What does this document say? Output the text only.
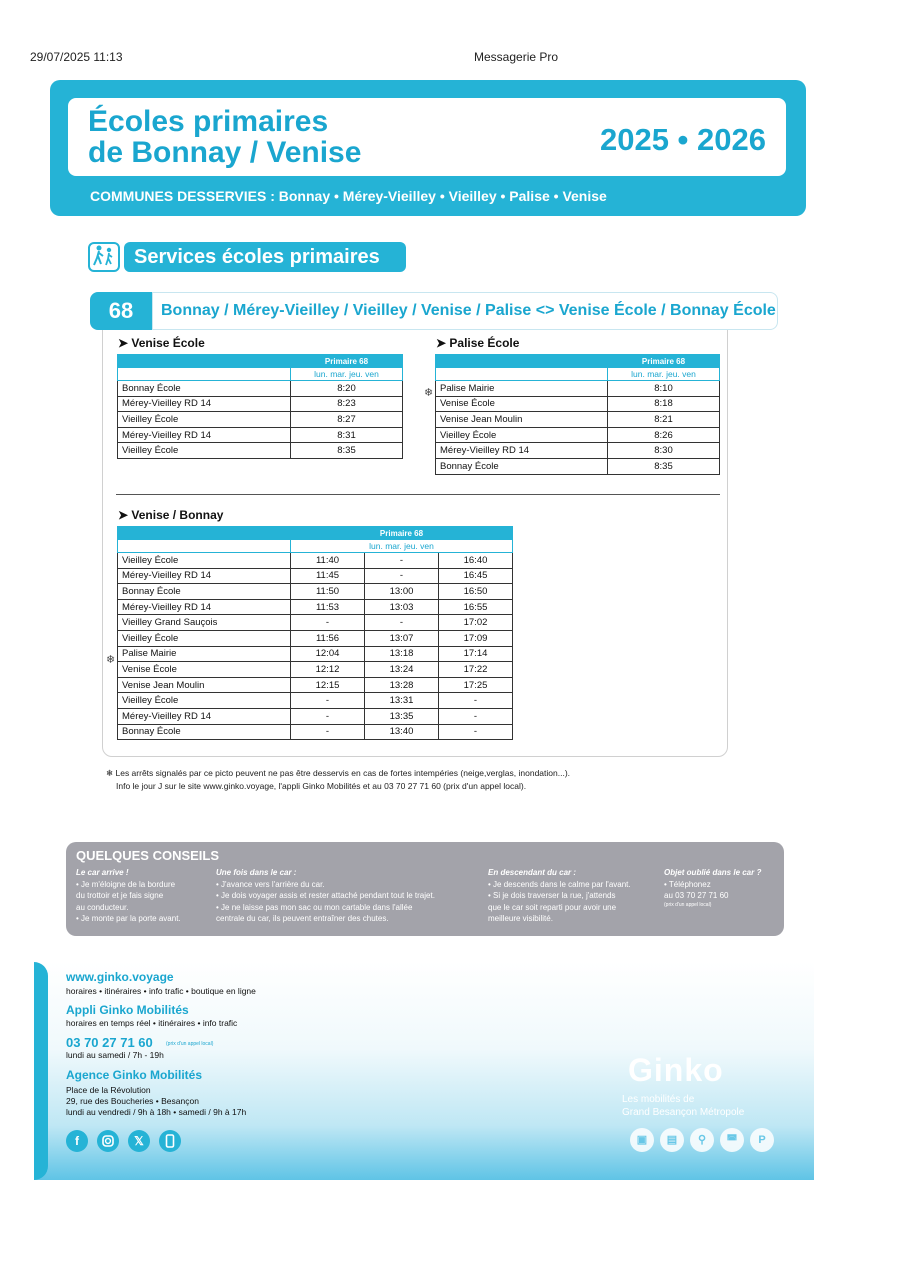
29/07/2025 11:13	Messagerie Pro
Écoles primaires
de Bonnay / Venise	2025 • 2026
COMMUNES DESSERVIES : Bonnay • Mérey-Vieilley • Vieilley • Palise • Venise
Services écoles primaires
68	Bonnay / Mérey-Vieilley / Vieilley / Venise / Palise <> Venise École / Bonnay École
➤ Venise École
	Primaire 68
	lun. mar. jeu. ven
Bonnay École	8:20
Mérey-Vieilley RD 14	8:23
Vieilley École	8:27
Mérey-Vieilley RD 14	8:31
Vieilley École	8:35
➤ Palise École
❄
	Primaire 68
	lun. mar. jeu. ven
Palise Mairie	8:10
Venise École	8:18
Venise Jean Moulin	8:21
Vieilley École	8:26
Mérey-Vieilley RD 14	8:30
Bonnay École	8:35
➤ Venise / Bonnay
❄
	Primaire 68		
	lun. mar. jeu. ven		
Vieilley École	11:40	-	16:40
Mérey-Vieilley RD 14	11:45	-	16:45
Bonnay École	11:50	13:00	16:50
Mérey-Vieilley RD 14	11:53	13:03	16:55
Vieilley Grand Sauçois	-	-	17:02
Vieilley École	11:56	13:07	17:09
Palise Mairie	12:04	13:18	17:14
Venise École	12:12	13:24	17:22
Venise Jean Moulin	12:15	13:28	17:25
Vieilley École	-	13:31	-
Mérey-Vieilley RD 14	-	13:35	-
Bonnay École	-	13:40	-
❄ Les arrêts signalés par ce picto peuvent ne pas être desservis en cas de fortes intempéries (neige,verglas, inondation...).
Info le jour J sur le site www.ginko.voyage, l'appli Ginko Mobilités et au 03 70 27 71 60 (prix d'un appel local).
QUELQUES CONSEILS
Le car arrive !
• Je m'éloigne de la bordure
du trottoir et je fais signe
au conducteur.
• Je monte par la porte avant.
Une fois dans le car :
• J'avance vers l'arrière du car.
• Je dois voyager assis et rester attaché pendant tout le trajet.
• Je ne laisse pas mon sac ou mon cartable dans l'allée
centrale du car, ils peuvent entraîner des chutes.
En descendant du car :
• Je descends dans le calme par l'avant.
• Si je dois traverser la rue, j'attends
que le car soit reparti pour avoir une
meilleure visibilité.
Objet oublié dans le car ?
• Téléphonez
au 03 70 27 71 60
(prix d'un appel local)
www.ginko.voyage
horaires • itinéraires • info trafic • boutique en ligne
Appli Ginko Mobilités
horaires en temps réel • itinéraires • info trafic
03 70 27 71 60	(prix d'un appel local)
lundi au samedi / 7h - 19h
Agence Ginko Mobilités
Place de la Révolution
29, rue des Boucheries • Besançon
lundi au vendredi / 9h à 18h • samedi / 9h à 17h
f	𝕏
Ginko
Les mobilités de
Grand Besançon Métropole
▣	▤	⚲	◚	P
